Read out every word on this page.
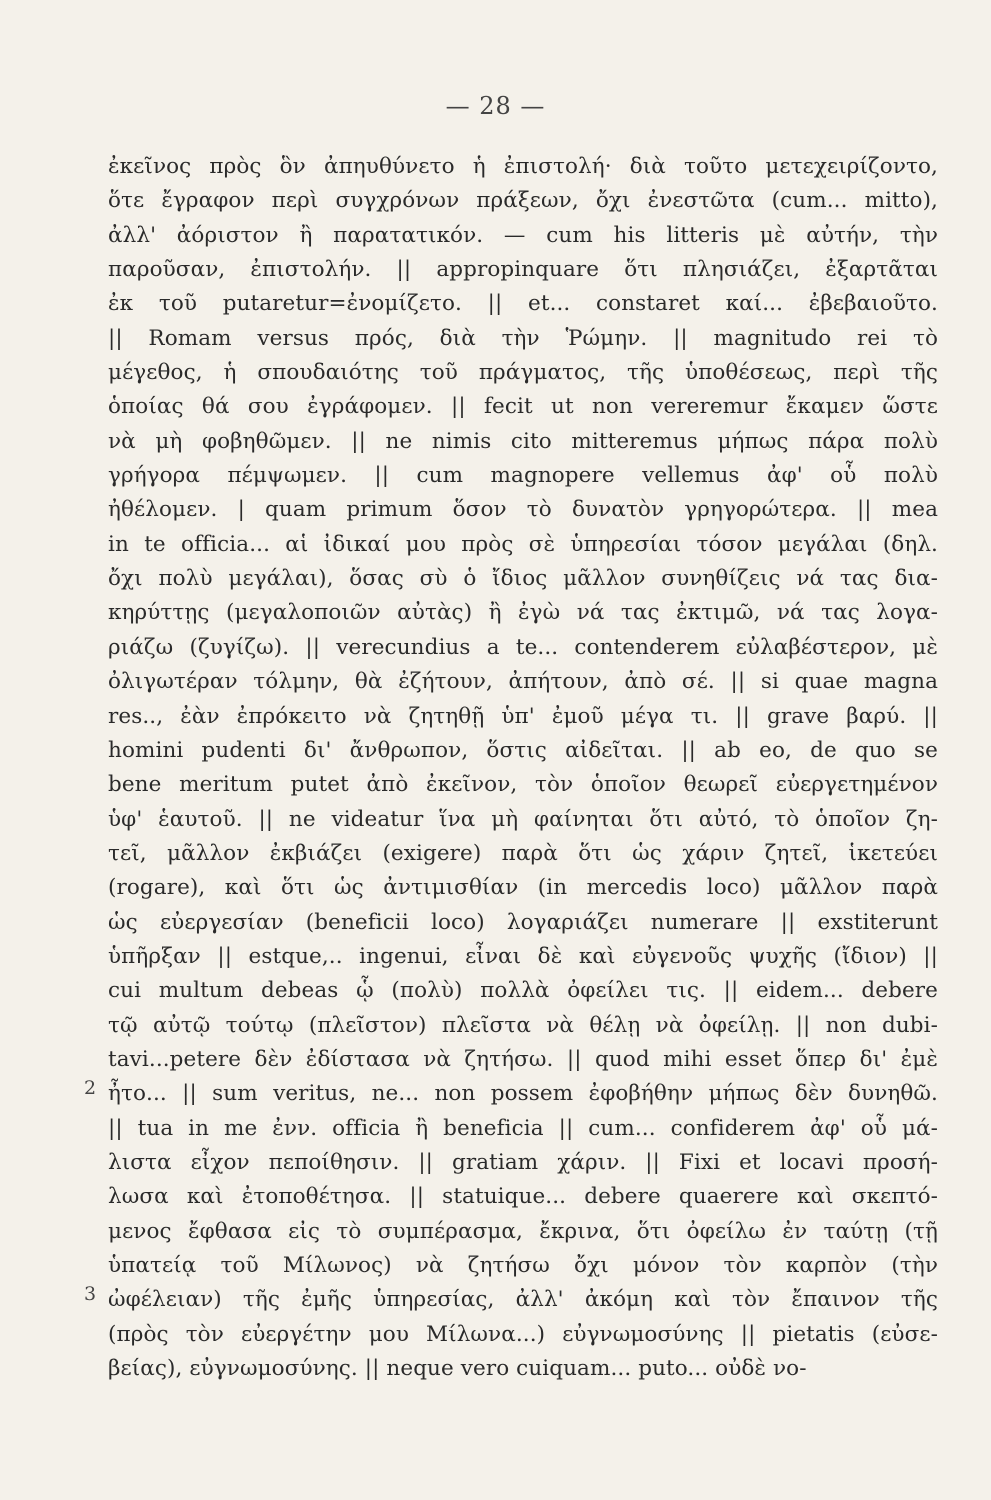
— 28 —
2
3
ἐκεῖνος πρὸς ὃν ἀπηυθύνετο ἡ ἐπιστολή· διὰ τοῦτο μετεχειρίζοντο,
ὅτε ἔγραφον περὶ συγχρόνων πράξεων, ὄχι ἐνεστῶτα (cum... mitto),
ἀλλ' ἀόριστον ἢ παρατατικόν. — cum his litteris μὲ αὐτήν, τὴν
παροῦσαν, ἐπιστολήν. || appropinquare ὅτι πλησιάζει, ἐξαρτᾶται
ἐκ τοῦ putaretur=ἐνομίζετο. || et... constaret καί... ἐβεβαιοῦτο.
|| Romam versus πρός, διὰ τὴν Ῥώμην. || magnitudo rei τὸ
μέγεθος, ἡ σπουδαιότης τοῦ πράγματος, τῆς ὑποθέσεως, περὶ τῆς
ὁποίας θά σου ἐγράφομεν. || fecit ut non vereremur ἔκαμεν ὥστε
νὰ μὴ φοβηθῶμεν. || ne nimis cito mitteremus μήπως πάρα πολὺ
γρήγορα πέμψωμεν. || cum magnopere vellemus ἀφ' οὗ πολὺ
ἠθέλομεν. | quam primum ὅσον τὸ δυνατὸν γρηγορώτερα. || mea
in te officia... αἱ ἰδικαί μου πρὸς σὲ ὑπηρεσίαι τόσον μεγάλαι (δηλ.
ὄχι πολὺ μεγάλαι), ὅσας σὺ ὁ ἴδιος μᾶλλον συνηθίζεις νά τας δια-
κηρύττῃς (μεγαλοποιῶν αὐτὰς) ἢ ἐγὼ νά τας ἐκτιμῶ, νά τας λογα-
ριάζω (ζυγίζω). || verecundius a te... contenderem εὐλαβέστερον, μὲ
ὀλιγωτέραν τόλμην, θὰ ἐζήτουν, ἀπήτουν, ἀπὸ σέ. || si quae magna
res.., ἐὰν ἐπρόκειτο νὰ ζητηθῇ ὑπ' ἐμοῦ μέγα τι. || grave βαρύ. ||
homini pudenti δι' ἄνθρωπον, ὅστις αἰδεῖται. || ab eo, de quo se
bene meritum putet ἀπὸ ἐκεῖνον, τὸν ὁποῖον θεωρεῖ εὐεργετημένον
ὑφ' ἑαυτοῦ. || ne videatur ἵνα μὴ φαίνηται ὅτι αὐτό, τὸ ὁποῖον ζη-
τεῖ, μᾶλλον ἐκβιάζει (exigere) παρὰ ὅτι ὡς χάριν ζητεῖ, ἱκετεύει
(rogare), καὶ ὅτι ὡς ἀντιμισθίαν (in mercedis loco) μᾶλλον παρὰ
ὡς εὐεργεσίαν (beneficii loco) λογαριάζει numerare || exstiterunt
ὑπῆρξαν || estque,.. ingenui, εἶναι δὲ καὶ εὐγενοῦς ψυχῆς (ἴδιον) ||
cui multum debeas ᾧ (πολὺ) πολλὰ ὀφείλει τις. || eidem... debere
τῷ αὐτῷ τούτῳ (πλεῖστον) πλεῖστα νὰ θέλῃ νὰ ὀφείλῃ. || non dubi-
tavi...petere δὲν ἐδίστασα νὰ ζητήσω. || quod mihi esset ὅπερ δι' ἐμὲ
ἦτο... || sum veritus, ne... non possem ἐφοβήθην μήπως δὲν δυνηθῶ.
|| tua in me ἐνν. officia ἢ beneficia || cum... confiderem ἀφ' οὗ μά-
λιστα εἶχον πεποίθησιν. || gratiam χάριν. || Fixi et locavi προσή-
λωσα καὶ ἐτοποθέτησα. || statuique... debere quaerere καὶ σκεπτό-
μενος ἔφθασα εἰς τὸ συμπέρασμα, ἔκρινα, ὅτι ὀφείλω ἐν ταύτῃ (τῇ
ὑπατείᾳ τοῦ Μίλωνος) νὰ ζητήσω ὄχι μόνον τὸν καρπὸν (τὴν
ὠφέλειαν) τῆς ἐμῆς ὑπηρεσίας, ἀλλ' ἀκόμη καὶ τὸν ἔπαινον τῆς
(πρὸς τὸν εὐεργέτην μου Μίλωνα...) εὐγνωμοσύνης || pietatis (εὐσε-
βείας), εὐγνωμοσύνης. || neque vero cuiquam... puto... οὐδὲ νο-
